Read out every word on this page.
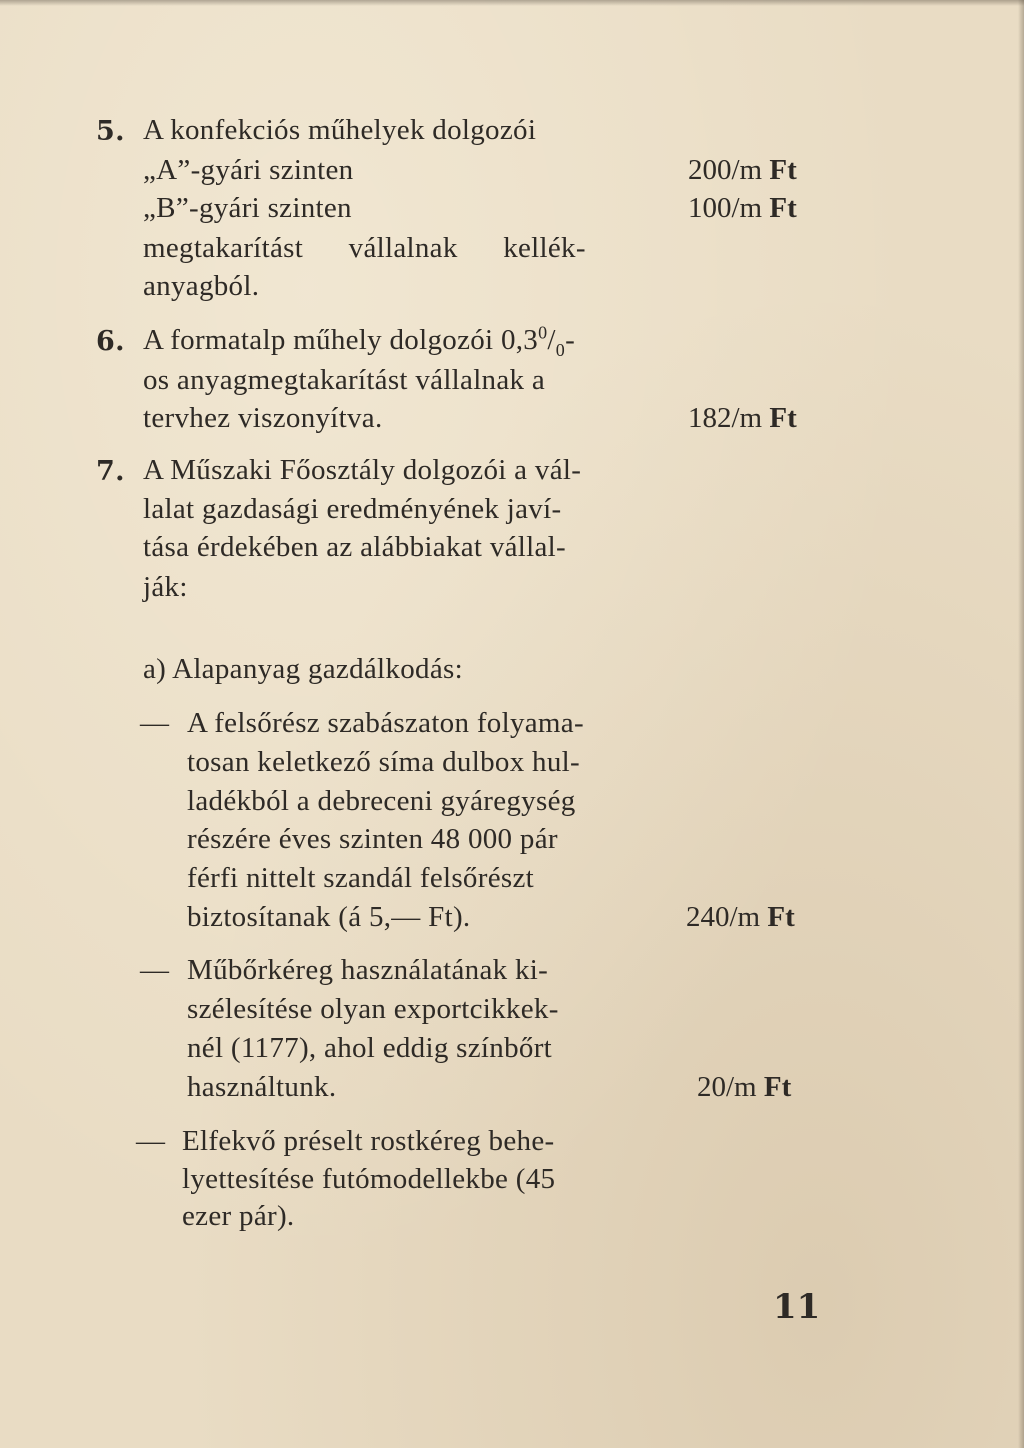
5. A konfekciós műhelyek dolgozói
„A”-gyári szinten	200/m Ft
„B”-gyári szinten	100/m Ft
megtakarítást vállalnak kellék-
anyagból.
6. A formatalp műhely dolgozói $0,3^0/_0-$
os anyagmegtakarítást vállalnak a
tervhez viszonyítva.	182/m Ft
7. A Műszaki Főosztály dolgozói a vál-
lalat gazdasági eredményének javí-
tása érdekében az alábbiakat vállal-
ják:
a) Alapanyag gazdálkodás:
— A felsőrész szabászaton folyama-
tosan keletkező síma dulbox hul-
ladékból a debreceni gyáregység
részére éves szinten 48 000 pár
férfi nittelt szandál felsőrészt
biztosítanak (á 5,— Ft).	240/m Ft
— Műbőrkéreg használatának ki-
szélesítése olyan exportcikkek-
nél (1177), ahol eddig színbőrt
használtunk.	20/m Ft
— Elfekvő préselt rostkéreg behe-
lyettesítése futómodellekbe (45
ezer pár).
11
